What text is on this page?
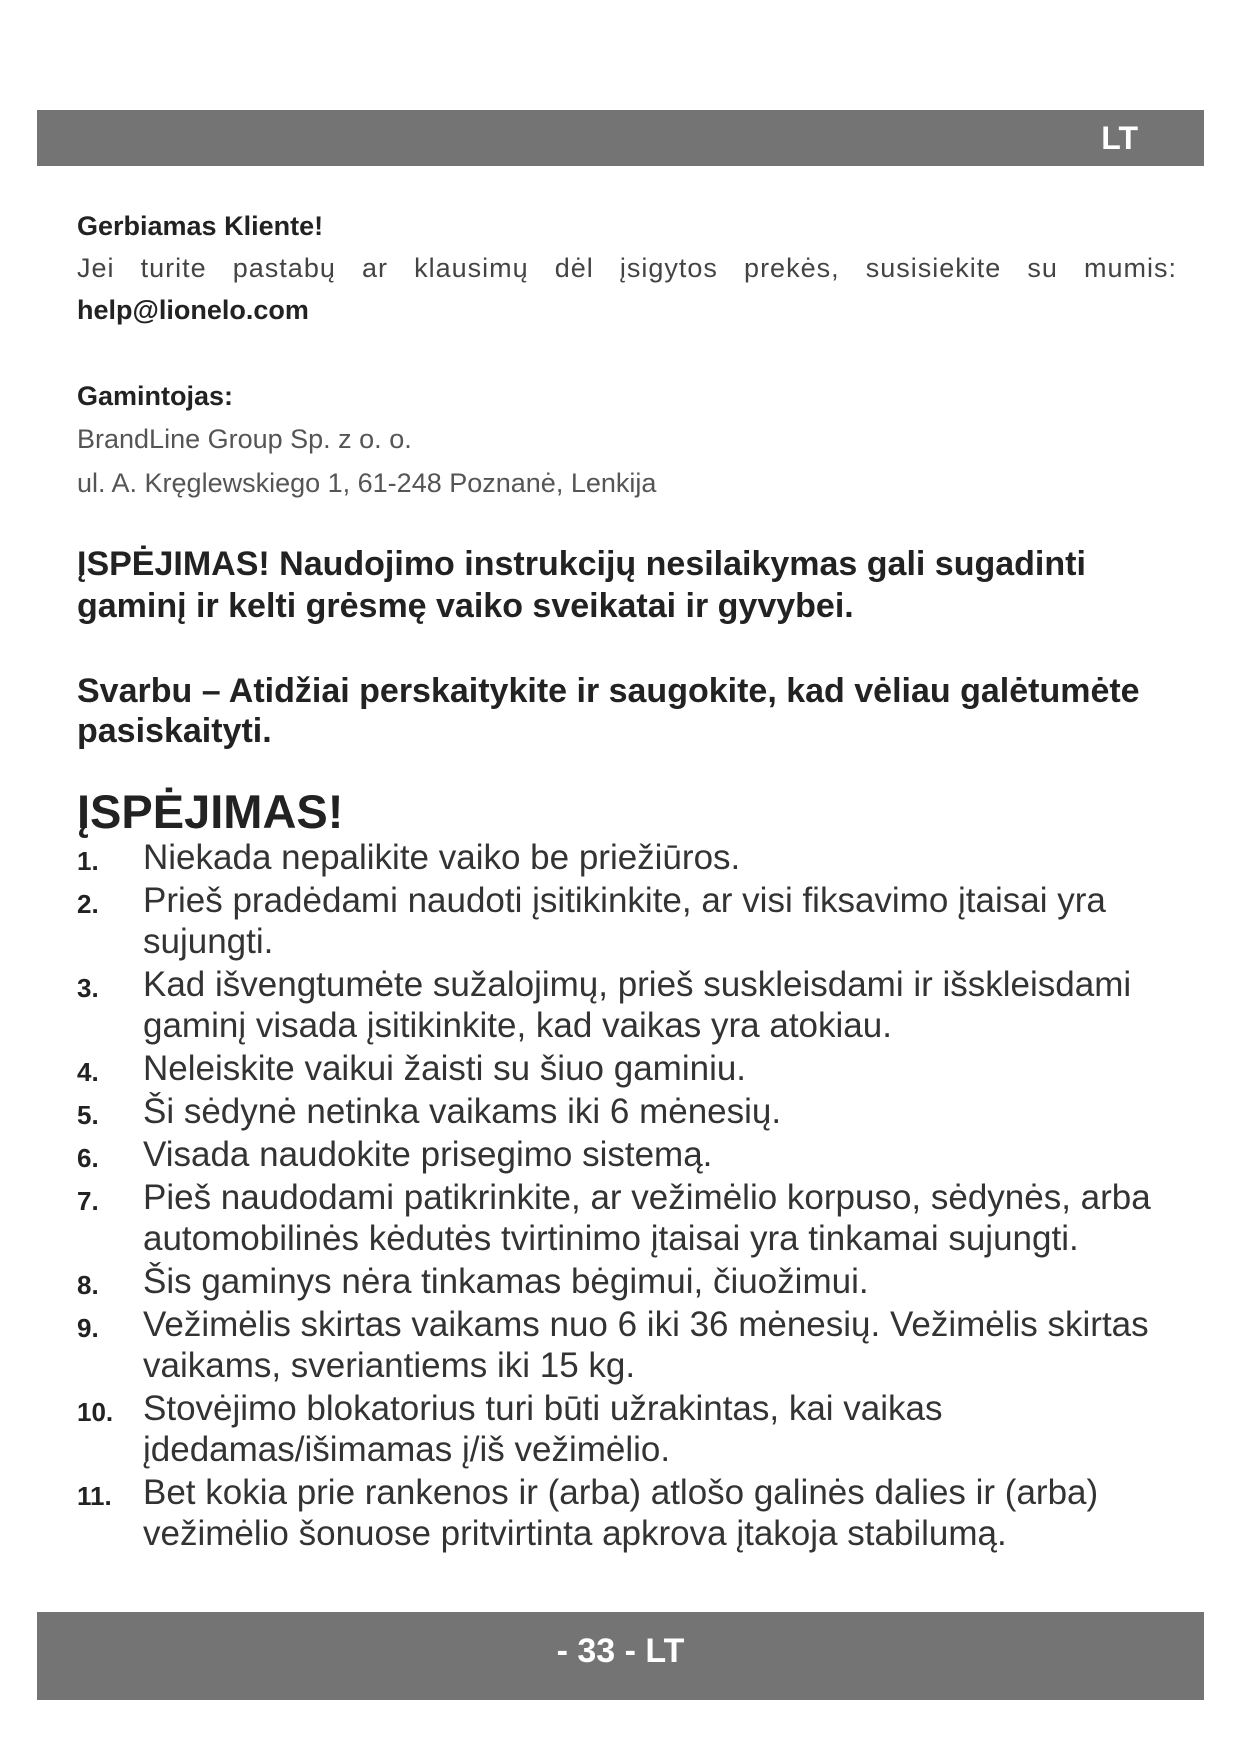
LT

Gerbiamas Kliente!

Jei turite pastabų ar klausimų dėl įsigytos prekės, susisiekite su mumis:

help@lionelo.com

Gamintojas:

BrandLine Group Sp. z o. o.

ul. A. Kręglewskiego 1, 61-248 Poznanė, Lenkija

ĮSPĖJIMAS! Naudojimo instrukcijų nesilaikymas gali sugadinti gaminį ir kelti grėsmę vaiko sveikatai ir gyvybei.

Svarbu – Atidžiai perskaitykite ir saugokite, kad vėliau galėtumėte pasiskaityti.

ĮSPĖJIMAS!
1. Niekada nepalikite vaiko be priežiūros.
2. Prieš pradėdami naudoti įsitikinkite, ar visi fiksavimo įtaisai yra sujungti.
3. Kad išvengtumėte sužalojimų, prieš suskleisdami ir išskleisdami gaminį visada įsitikinkite, kad vaikas yra atokiau.
4. Neleiskite vaikui žaisti su šiuo gaminiu.
5. Ši sėdynė netinka vaikams iki 6 mėnesių.
6. Visada naudokite prisegimo sistemą.
7. Pieš naudodami patikrinkite, ar vežimėlio korpuso, sėdynės, arba automobilinės kėdutės tvirtinimo įtaisai yra tinkamai sujungti.
8. Šis gaminys nėra tinkamas bėgimui, čiuožimui.
9. Vežimėlis skirtas vaikams nuo 6 iki 36 mėnesių. Vežimėlis skirtas vaikams, sveriantiems iki 15 kg.
10. Stovėjimo blokatorius turi būti užrakintas, kai vaikas įdedamas/išimamas į/iš vežimėlio.
11. Bet kokia prie rankenos ir (arba) atlošo galinės dalies ir (arba) vežimėlio šonuose pritvirtinta apkrova įtakoja stabilumą.
- 33 - LT
